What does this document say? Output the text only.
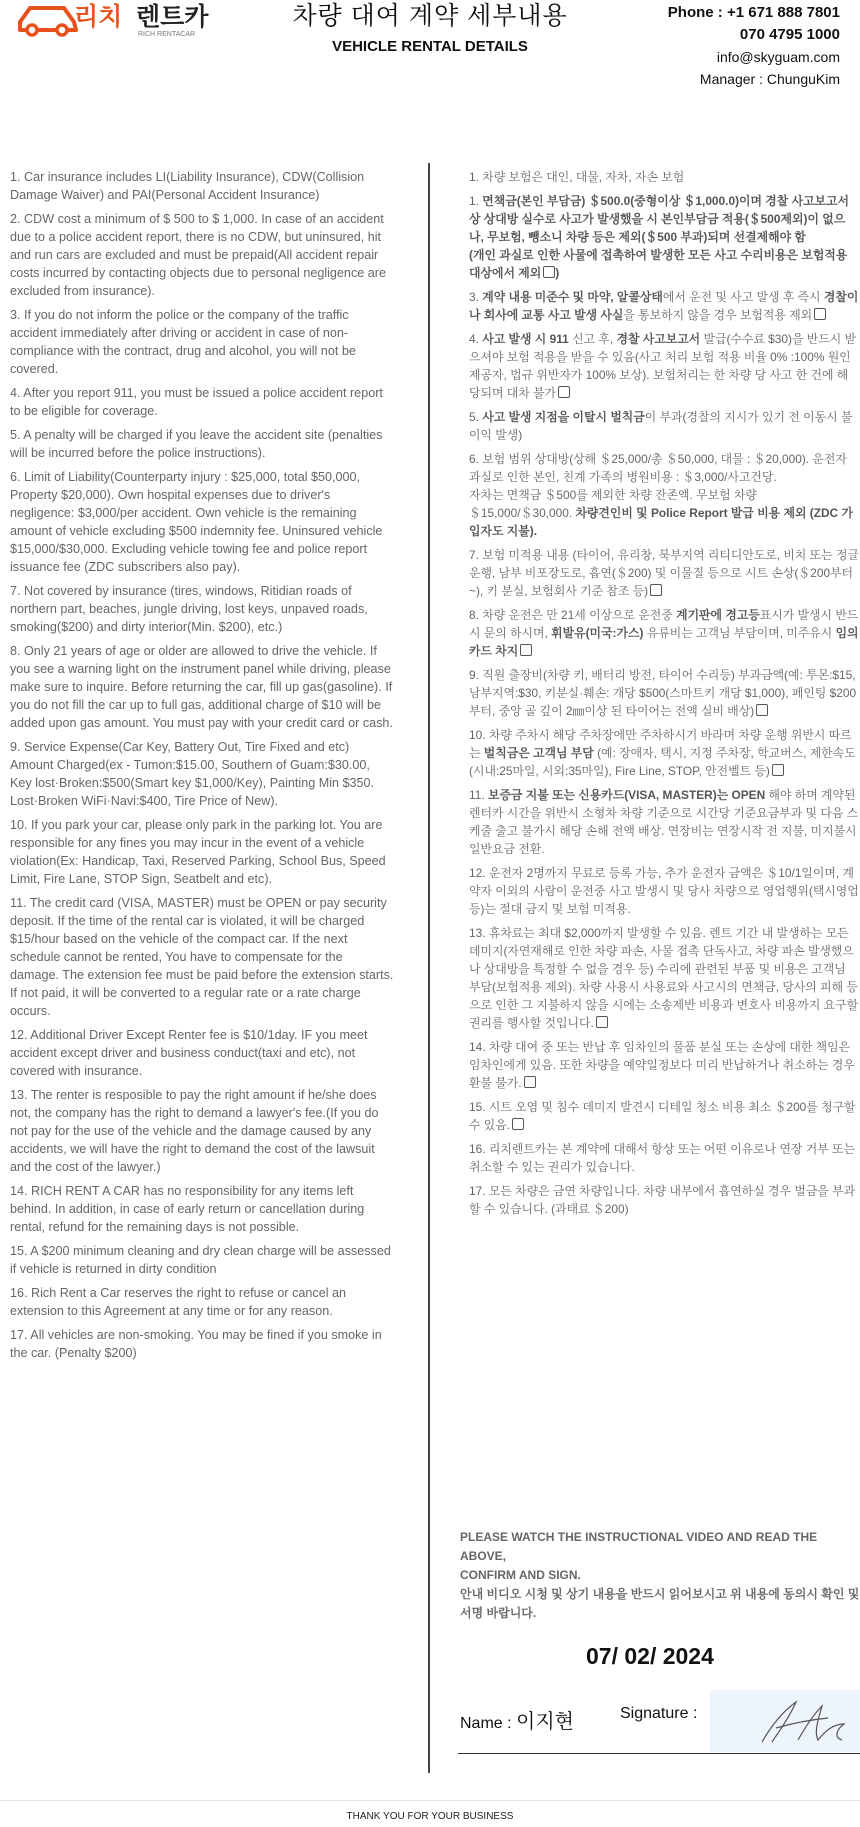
리치 렌트카
RICH RENTACAR
차량 대여 계약 세부내용
VEHICLE RENTAL DETAILS
Phone : +1 671 888 7801
070 4795 1000
info@skyguam.com
Manager : ChunguKim

1. Car insurance includes LI(Liability Insurance), CDW(Collision Damage Waiver) and PAI(Personal Accident Insurance)

2. CDW cost a minimum of $ 500 to $ 1,000. In case of an accident due to a police accident report, there is no CDW, but uninsured, hit and run cars are excluded and must be prepaid(All accident repair costs incurred by contacting objects due to personal negligence are excluded from insurance).

3. If you do not inform the police or the company of the traffic accident immediately after driving or accident in case of non-compliance with the contract, drug and alcohol, you will not be covered.

4. After you report 911, you must be issued a police accident report to be eligible for coverage.

5. A penalty will be charged if you leave the accident site (penalties will be incurred before the police instructions).

6. Limit of Liability(Counterparty injury : $25,000, total $50,000, Property $20,000). Own hospital expenses due to driver's negligence: $3,000/per accident. Own vehicle is the remaining amount of vehicle excluding $500 indemnity fee. Uninsured vehicle $15,000/$30,000. Excluding vehicle towing fee and police report issuance fee (ZDC subscribers also pay).

7. Not covered by insurance (tires, windows, Ritidian roads of northern part, beaches, jungle driving, lost keys, unpaved roads, smoking($200) and dirty interior(Min. $200), etc.)

8. Only 21 years of age or older are allowed to drive the vehicle. If you see a warning light on the instrument panel while driving, please make sure to inquire. Before returning the car, fill up gas(gasoline). If you do not fill the car up to full gas, additional charge of $10 will be added upon gas amount. You must pay with your credit card or cash.

9. Service Expense(Car Key, Battery Out, Tire Fixed and etc) Amount Charged(ex - Tumon:$15.00, Southern of Guam:$30.00, Key lost·Broken:$500(Smart key $1,000/Key), Painting Min $350. Lost·Broken WiFi·Navi:$400, Tire Price of New).

10. If you park your car, please only park in the parking lot. You are responsible for any fines you may incur in the event of a vehicle violation(Ex: Handicap, Taxi, Reserved Parking, School Bus, Speed Limit, Fire Lane, STOP Sign, Seatbelt and etc).

11. The credit card (VISA, MASTER) must be OPEN or pay security deposit. If the time of the rental car is violated, it will be charged $15/hour based on the vehicle of the compact car. If the next schedule cannot be rented, You have to compensate for the damage. The extension fee must be paid before the extension starts. If not paid, it will be converted to a regular rate or a rate charge occurs.

12. Additional Driver Except Renter fee is $10/1day. IF you meet accident except driver and business conduct(taxi and etc), not covered with insurance.

13. The renter is resposible to pay the right amount if he/she does not, the company has the right to demand a lawyer's fee.(If you do not pay for the use of the vehicle and the damage caused by any accidents, we will have the right to demand the cost of the lawsuit and the cost of the lawyer.)

14. RICH RENT A CAR has no responsibility for any items left behind. In addition, in case of early return or cancellation during rental, refund for the remaining days is not possible.

15. A $200 minimum cleaning and dry clean charge will be assessed if vehicle is returned in dirty condition

16. Rich Rent a Car reserves the right to refuse or cancel an extension to this Agreement at any time or for any reason.

17. All vehicles are non-smoking. You may be fined if you smoke in the car. (Penalty $200)

1. 차량 보험은 대인, 대물, 자차, 자손 보험

1. 면책금(본인 부담금) ＄500.0(중형이상 ＄1,000.0)이며 경찰 사고보고서 상 상대방 실수로 사고가 발생했을 시 본인부담금 적용(＄500제외)이 없으나, 무보험, 뺑소니 차량 등은 제외(＄500 부과)되며 선결제해야 함
(개인 과실로 인한 사물에 접촉하여 발생한 모든 사고 수리비용은 보험적용 대상에서 제외 )

3. 계약 내용 미준수 및 마약, 알콜상태에서 운전 및 사고 발생 후 즉시 경찰이나 회사에 교통 사고 발생 사실을 통보하지 않을 경우 보험적용 제외

4. 사고 발생 시 911 신고 후, 경찰 사고보고서 발급(수수료 $30)을 반드시 받으셔야 보험 적용을 받을 수 있음(사고 처리 보험 적용 비율 0% :100% 원인제공자, 법규 위반자가 100% 보상). 보험처리는 한 차량 당 사고 한 건에 해당되며 대차 불가

5. 사고 발생 지점을 이탈시 벌칙금이 부과(경찰의 지시가 있기 전 이동시 불이익 발생)

6. 보험 범위 상대방(상해 ＄25,000/총 ＄50,000, 대물 : ＄20,000). 운전자
과실로 인한 본인, 친계 가족의 병원비용 : ＄3,000/사고건당.
자차는 면책금 ＄500를 제외한 차량 잔존액. 무보험 차량 ＄15,000/＄30,000. 차량견인비 및 Police Report 발급 비용 제외 (ZDC 가입자도 지불).

7. 보험 미적용 내용 (타이어, 유리창, 북부지역 리티디안도로, 비치 또는 정글운행, 남부 비포장도로, 흡연(＄200) 및 이물질 등으로 시트 손상(＄200부터~), 키 분실, 보험회사 기준 참조 등)

8. 차량 운전은 만 21세 이상으로 운전중 계기판에 경고등표시가 발생시 반드시 문의 하시며, 휘발유(미국:가스) 유류비는 고객님 부담이며, 미주유시 임의 카드 차지

9. 직원 출장비(차량 키, 배터리 방전, 타이어 수리등) 부과금액(예: 투몬:$15, 남부지역:$30, 키분실·훼손: 개당 $500(스마트키 개당 $1,000), 페인팅 $200 부터, 중앙 골 깊이 2㎜이상 된 타이어는 전액 실비 배상)

10. 차량 주차시 해당 주차장에만 주차하시기 바라며 차량 운행 위반시 따르는 벌칙금은 고객님 부담 (예: 장애자, 택시, 지정 주차장, 학교버스, 제한속도(시내:25마일, 시외:35마일), Fire Line, STOP, 안전벨트 등)

11. 보증금 지불 또는 신용카드(VISA, MASTER)는 OPEN 해야 하며 계약된 렌터카 시간을 위반시 소형차 차량 기준으로 시간당 기준요금부과 및 다음 스케줄 출고 불가시 해당 손해 전액 배상. 연장비는 연장시작 전 지불, 미지불시 일반요금 전환.

12. 운전자 2명까지 무료로 등록 가능, 추가 운전자 금액은 ＄10/1일이며, 계약자 이외의 사람이 운전중 사고 발생시 및 당사 차량으로 영업행위(택시영업 등)는 절대 금지 및 보험 미적용.

13. 휴차료는 최대 $2,000까지 발생할 수 있음. 렌트 기간 내 발생하는 모든 데미지(자연재해로 인한 차량 파손, 사물 접촉 단독사고, 차량 파손 발생했으나 상대방을 특정할 수 없을 경우 등) 수리에 관련된 부품 및 비용은 고객님 부담(보험적용 제외). 차량 사용시 사용료와 사고시의 면책금, 당사의 피해 등으로 인한 그 지불하지 않을 시에는 소송제반 비용과 변호사 비용까지 요구할 권리를 행사할 것입니다.

14. 차량 대여 중 또는 반납 후 임차인의 물품 분실 또는 손상에 대한 책임은 임차인에게 있음. 또한 차량을 예약일정보다 미리 반납하거나 취소하는 경우 환불 불가.

15. 시트 오염 및 침수 데미지 발견시 디테일 청소 비용 최소 ＄200를 청구할 수 있음.

16. 리치렌트카는 본 계약에 대해서 항상 또는 어떤 이유로나 연장 거부 또는 취소할 수 있는 권리가 있습니다.

17. 모든 차량은 금연 차량입니다. 차량 내부에서 흡연하실 경우 벌금을 부과할 수 있습니다. (과태료 ＄200)

PLEASE WATCH THE INSTRUCTIONAL VIDEO AND READ THE ABOVE,
CONFIRM AND SIGN.
안내 비디오 시청 및 상기 내용을 반드시 읽어보시고 위 내용에 동의시 확인 및 서명 바랍니다.
07/ 02/ 2024
Name : 이지현	Signature :
THANK YOU FOR YOUR BUSINESS
